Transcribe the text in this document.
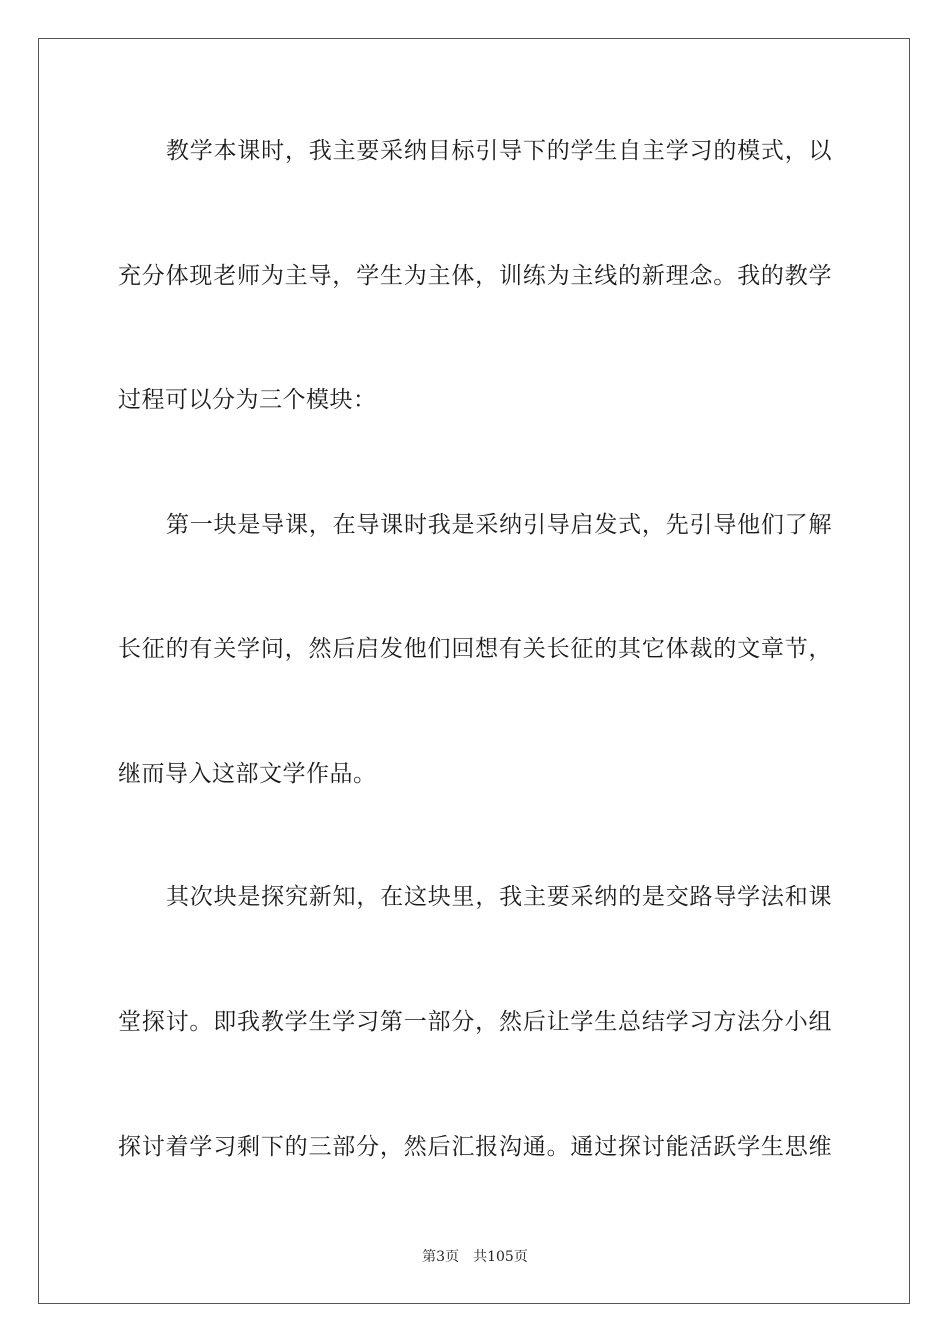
教学本课时，我主要采纳目标引导下的学生自主学习的模式，以
充分体现老师为主导，学生为主体，训练为主线的新理念。我的教学
过程可以分为三个模块：
第一块是导课，在导课时我是采纳引导启发式，先引导他们了解
长征的有关学问，然后启发他们回想有关长征的其它体裁的文章节，
继而导入这部文学作品。
其次块是探究新知，在这块里，我主要采纳的是交路导学法和课
堂探讨。即我教学生学习第一部分，然后让学生总结学习方法分小组
探讨着学习剩下的三部分，然后汇报沟通。通过探讨能活跃学生思维
第3页 共105页
